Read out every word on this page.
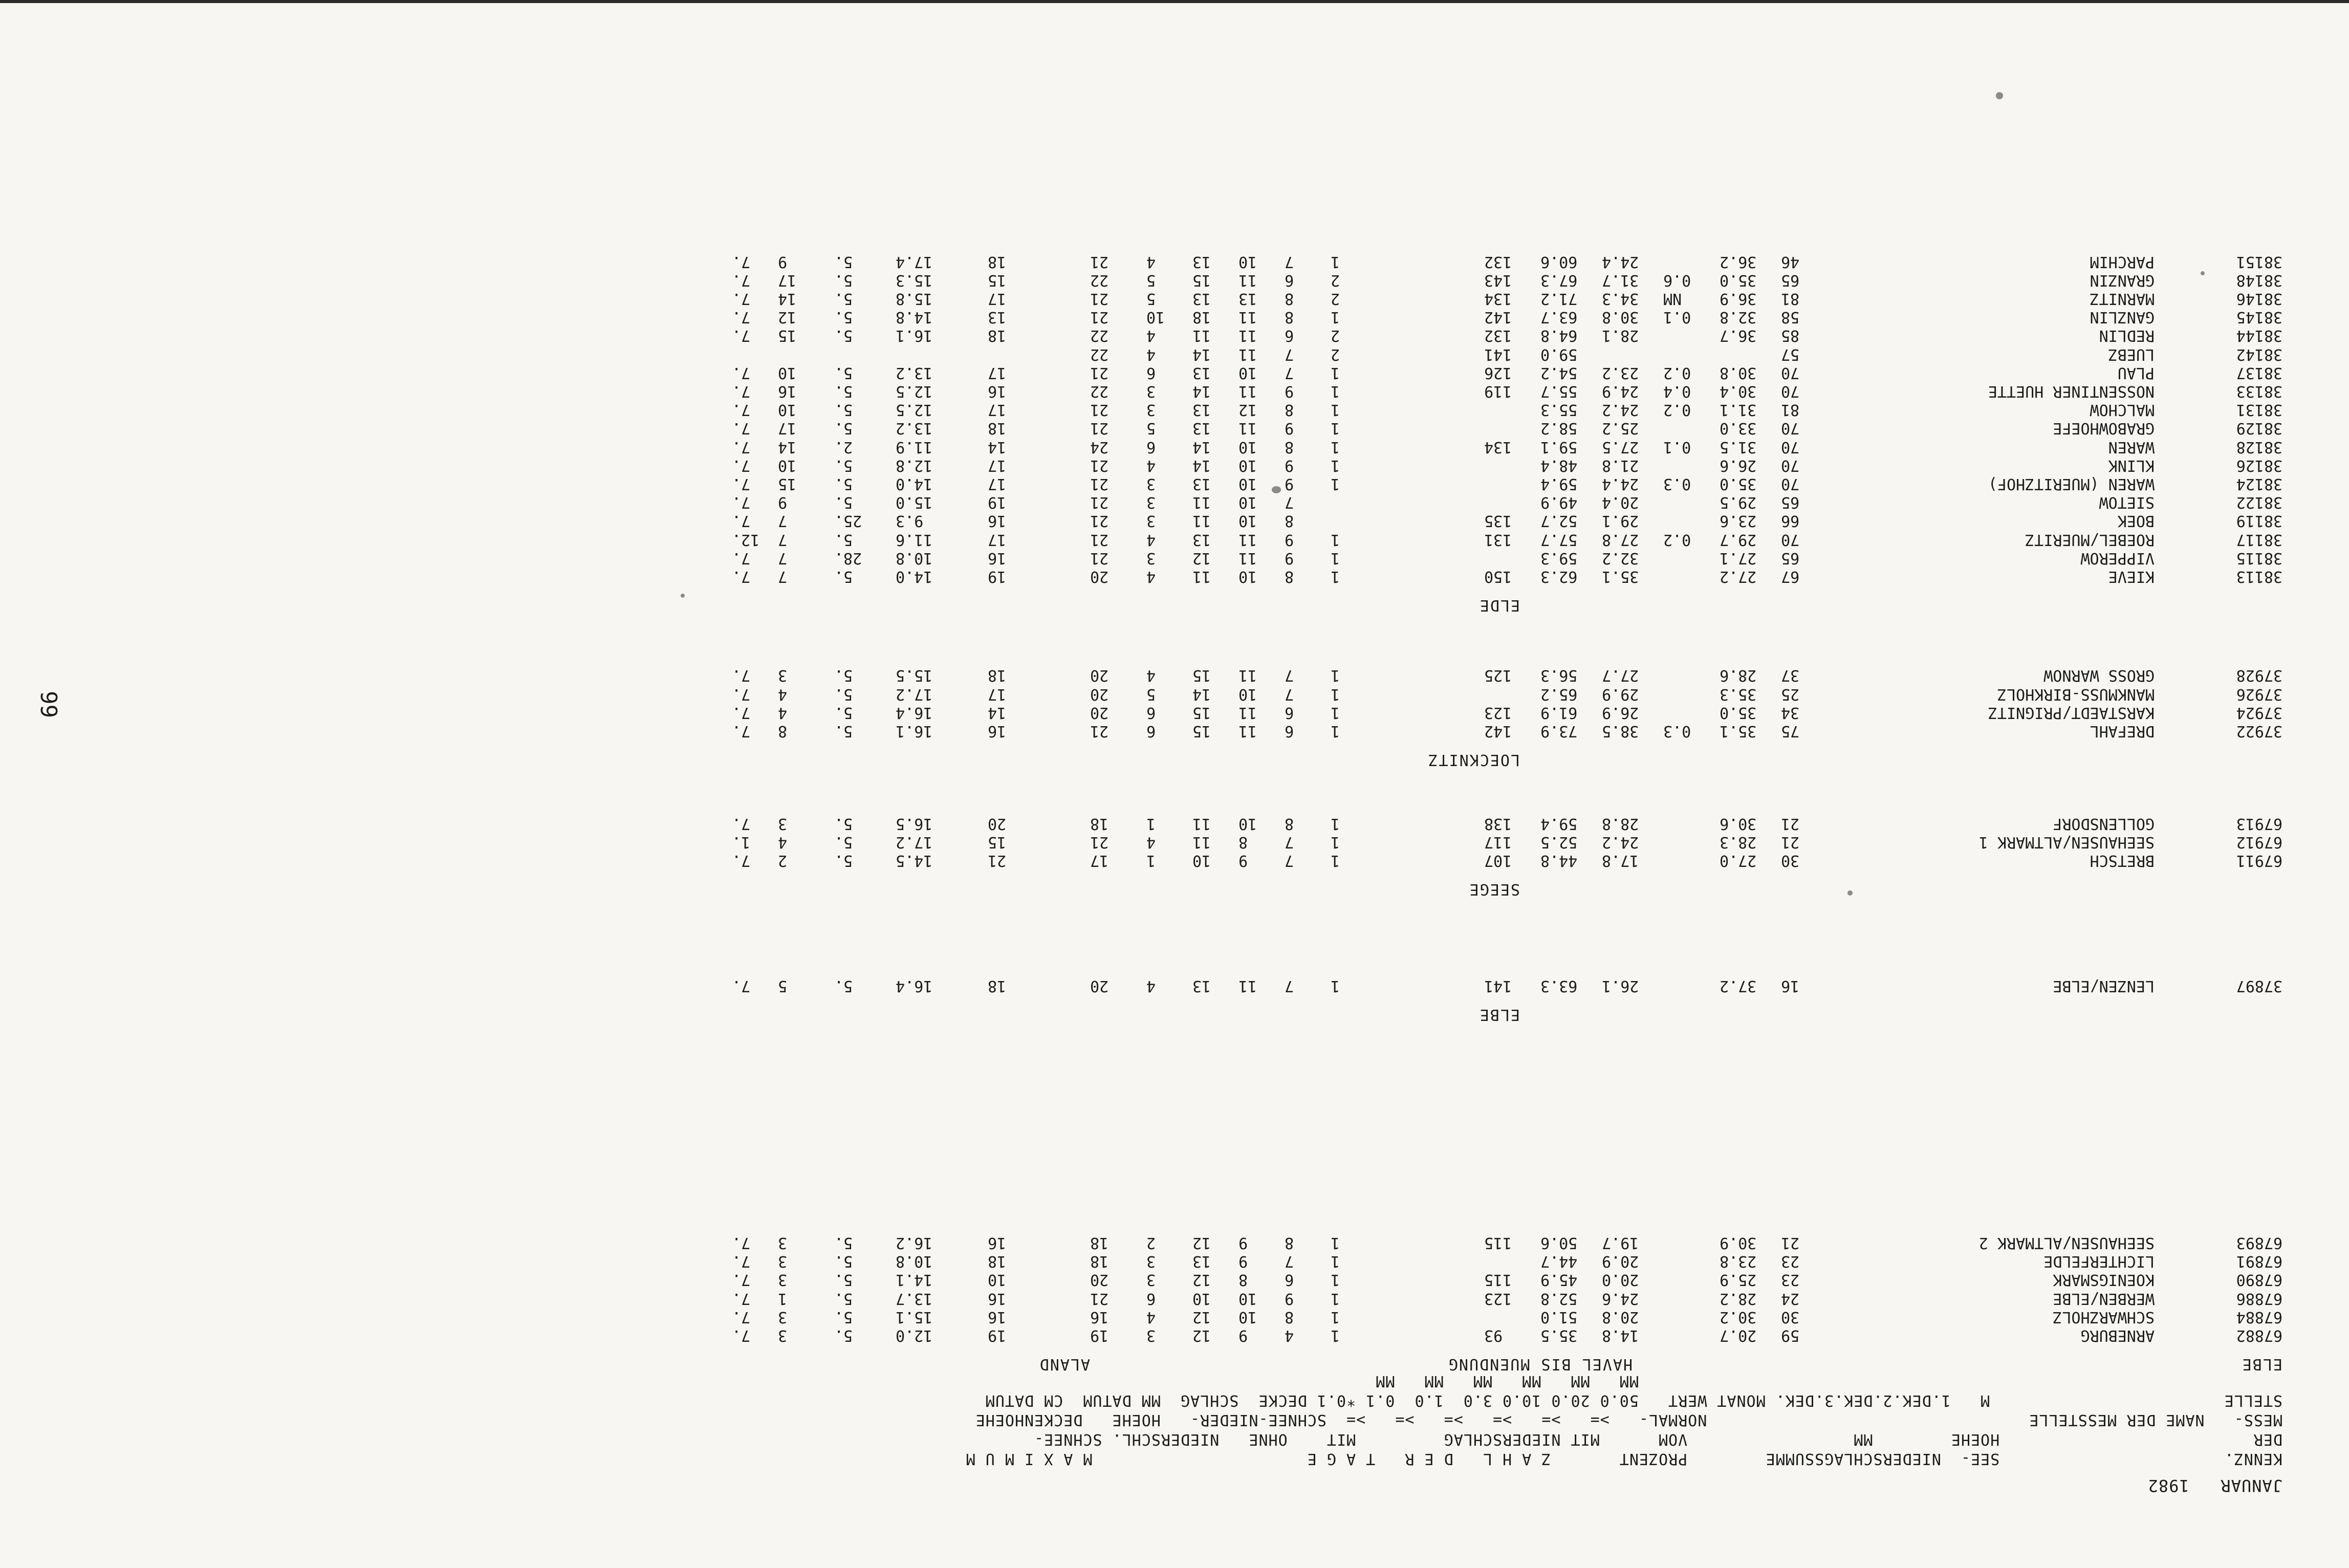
99
JANUAR   1982
KENNZ.                       SEE-  NIEDERSCHLAGSSUMME        PROZENT       Z A H L   D E R   T A G E                      M A X I M U M
DER                          HOEHE        MM                 VOM      MIT NIEDERSCHLAG         MIT    OHNE   NIEDERSCHL. SCHNEE-
MESS-   NAME DER MESSTELLE                                 NORMAL-   >=   >=   >=   >=   >=   >=  SCHNEE-NIEDER-   HOEHE   DECKENHOEHE
STELLE                        M   1.DEK.2.DEK.3.DEK. MONAT WERT   50.0 20.0 10.0 3.0  1.0  0.1 *0.1 DECKE  SCHLAG  MM DATUM  CM DATUM
MM   MM   MM   MM   MM   MM
ELBE
HAVEL BIS MUENDUNG
ALAND
67882
ARNEBURG
59
20.7
14.8
35.5
93
1
4
9
12
3
19
19
12.0
5.
3
7.
67884
SCHWARZHOLZ
30
30.2
20.8
51.0
1
8
10
12
4
16
16
15.1
5.
3
7.
67886
WERBEN/ELBE
24
28.2
24.6
52.8
123
1
9
10
10
6
21
16
13.7
5.
1
7.
67890
KOENIGSMARK
23
25.9
20.0
45.9
115
1
6
8
12
3
20
10
14.1
5.
3
7.
67891
LICHTERFELDE
23
23.8
20.9
44.7
1
7
9
13
3
18
18
10.8
5.
3
7.
67893
SEEHAUSEN/ALTMARK 2
21
30.9
19.7
50.6
115
1
8
9
12
2
18
16
16.2
5.
3
7.
ELBE
37897
LENZEN/ELBE
16
37.2
26.1
63.3
141
1
7
11
13
4
20
18
16.4
5.
5
7.
SEEGE
67911
BRETSCH
30
27.0
17.8
44.8
107
1
7
9
10
1
17
21
14.5
5.
2
7.
67912
SEEHAUSEN/ALTMARK 1
21
28.3
24.2
52.5
117
1
7
8
11
4
21
15
17.2
5.
4
1.
67913
GOLLENSDORF
21
30.6
28.8
59.4
138
1
8
10
11
1
18
20
16.5
5.
3
7.
LOECKNITZ
37922
DREFAHL
75
35.1
0.3
38.5
73.9
142
1
6
11
15
6
21
16
16.1
5.
8
7.
37924
KARSTAEDT/PRIGNITZ
34
35.0
26.9
61.9
123
1
6
11
15
6
20
14
16.4
5.
4
7.
37926
MANKMUSS-BIRKHOLZ
25
35.3
29.9
65.2
1
7
10
14
5
20
17
17.2
5.
4
7.
37928
GROSS WARNOW
37
28.6
27.7
56.3
125
1
7
11
15
4
20
18
15.5
5.
3
7.
ELDE
38113
KIEVE
67
27.2
35.1
62.3
150
1
8
10
11
4
20
19
14.0
5.
7
7.
38115
VIPPEROW
65
27.1
32.2
59.3
1
9
11
12
3
21
16
10.8
28.
7
7.
38117
ROEBEL/MUERITZ
70
29.7
0.2
27.8
57.7
131
1
9
11
13
4
21
17
11.6
5.
7
12.
38119
BOEK
66
23.6
29.1
52.7
135
8
10
11
3
21
16
9.3
25.
7
7.
38122
SIETOW
65
29.5
20.4
49.9
7
10
11
3
21
19
15.0
5.
9
7.
38124
WAREN (MUERITZHOF)
70
35.0
0.3
24.4
59.4
1
9
10
13
3
21
17
14.0
5.
15
7.
38126
KLINK
70
26.6
21.8
48.4
1
9
10
14
4
21
17
12.8
5.
10
7.
38128
WAREN
70
31.5
0.1
27.5
59.1
134
1
8
10
14
6
24
14
11.9
2.
14
7.
38129
GRABOWHOEFE
70
33.0
25.2
58.2
1
9
11
13
5
21
18
13.2
5.
17
7.
38131
MALCHOW
81
31.1
0.2
24.2
55.3
1
8
12
13
3
21
17
12.5
5.
10
7.
38133
NOSSENTINER HUETTE
70
30.4
0.4
24.9
55.7
119
1
9
11
14
3
22
16
12.5
5.
16
7.
38137
PLAU
70
30.8
0.2
23.2
54.2
126
1
7
10
13
6
21
17
13.2
5.
10
7.
38142
LUEBZ
57
59.0
141
2
7
11
14
4
22
38144
REDLIN
85
36.7
28.1
64.8
132
2
6
11
11
4
22
18
16.1
5.
15
7.
38145
GANZLIN
58
32.8
0.1
30.8
63.7
142
1
8
11
18
10
21
13
14.8
5.
12
7.
38146
MARNITZ
81
36.9
NM
34.3
71.2
134
2
8
13
13
5
21
17
15.8
5.
14
7.
38148
GRANZIN
65
35.0
0.6
31.7
67.3
143
2
6
11
15
5
22
15
15.3
5.
17
7.
38151
PARCHIM
46
36.2
24.4
60.6
132
1
7
10
13
4
21
18
17.4
5.
9
7.
